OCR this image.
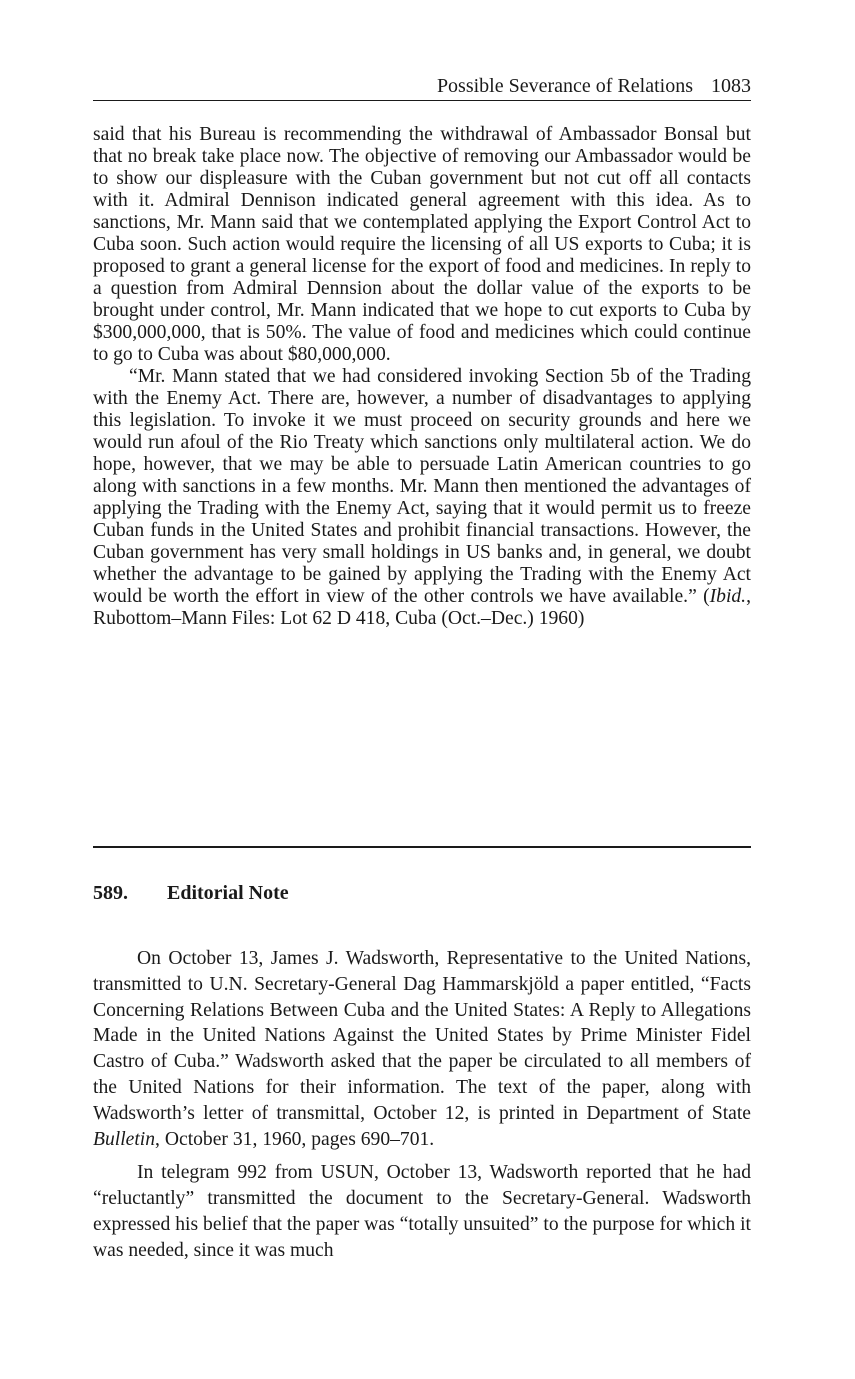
Possible Severance of Relations 1083

said that his Bureau is recommending the withdrawal of Ambassador Bonsal but that no break take place now. The objective of removing our Ambassador would be to show our displeasure with the Cuban government but not cut off all contacts with it. Admiral Dennison indicated general agreement with this idea. As to sanctions, Mr. Mann said that we contemplated applying the Export Control Act to Cuba soon. Such action would require the licensing of all US exports to Cuba; it is proposed to grant a general license for the export of food and medicines. In reply to a question from Admiral Dennsion about the dollar value of the exports to be brought under control, Mr. Mann indicated that we hope to cut exports to Cuba by $300,000,000, that is 50%. The value of food and medicines which could continue to go to Cuba was about $80,000,000.

“Mr. Mann stated that we had considered invoking Section 5b of the Trading with the Enemy Act. There are, however, a number of disadvantages to applying this legislation. To invoke it we must proceed on security grounds and here we would run afoul of the Rio Treaty which sanctions only multilateral action. We do hope, however, that we may be able to persuade Latin American countries to go along with sanctions in a few months. Mr. Mann then mentioned the advantages of applying the Trading with the Enemy Act, saying that it would permit us to freeze Cuban funds in the United States and prohibit financial transactions. However, the Cuban government has very small holdings in US banks and, in general, we doubt whether the advantage to be gained by applying the Trading with the Enemy Act would be worth the effort in view of the other controls we have available.” (Ibid., Rubottom–Mann Files: Lot 62 D 418, Cuba (Oct.–Dec.) 1960)

589. Editorial Note

On October 13, James J. Wadsworth, Representative to the United Nations, transmitted to U.N. Secretary-General Dag Hammarskjöld a paper entitled, “Facts Concerning Relations Between Cuba and the United States: A Reply to Allegations Made in the United Nations Against the United States by Prime Minister Fidel Castro of Cuba.” Wadsworth asked that the paper be circulated to all members of the United Nations for their information. The text of the paper, along with Wadsworth’s letter of transmittal, October 12, is printed in Department of State Bulletin, October 31, 1960, pages 690–701.

In telegram 992 from USUN, October 13, Wadsworth reported that he had “reluctantly” transmitted the document to the Secretary-General. Wadsworth expressed his belief that the paper was “totally unsuited” to the purpose for which it was needed, since it was much
